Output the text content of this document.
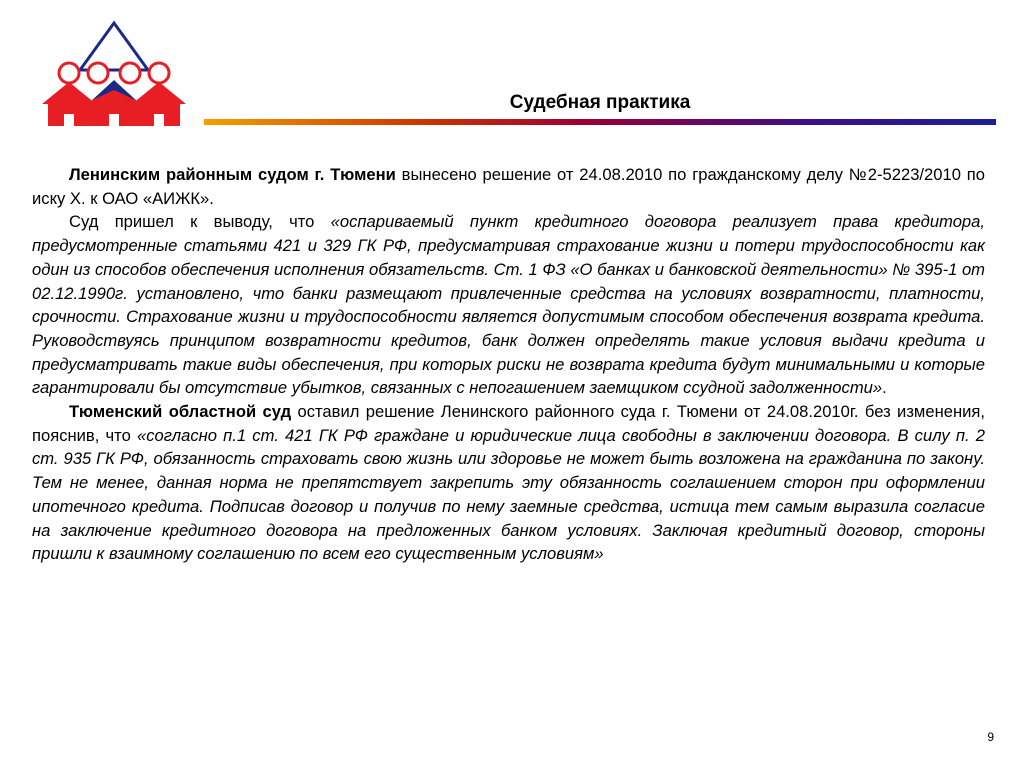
Судебная практика

Ленинским районным судом г. Тюмени вынесено решение от 24.08.2010 по гражданскому делу №2-5223/2010 по иску Х. к ОАО «АИЖК».

Суд пришел к выводу, что «оспариваемый пункт кредитного договора реализует права кредитора, предусмотренные статьями 421 и 329 ГК РФ, предусматривая страхование жизни и потери трудоспособности как один из способов обеспечения исполнения обязательств. Ст. 1 ФЗ «О банках и банковской деятельности» № 395-1 от 02.12.1990г. установлено, что банки размещают привлеченные средства на условиях возвратности, платности, срочности. Страхование жизни и трудоспособности является допустимым способом обеспечения возврата кредита. Руководствуясь принципом возвратности кредитов, банк должен определять такие условия выдачи кредита и предусматривать такие виды обеспечения, при которых риски не возврата кредита будут минимальными и которые гарантировали бы отсутствие убытков, связанных с непогашением заемщиком ссудной задолженности».

Тюменский областной суд оставил решение Ленинского районного суда г. Тюмени от 24.08.2010г. без изменения, пояснив, что «согласно п.1 ст. 421 ГК РФ граждане и юридические лица свободны в заключении договора. В силу п. 2 ст. 935 ГК РФ, обязанность страховать свою жизнь или здоровье не может быть возложена на гражданина по закону. Тем не менее, данная норма не препятствует закрепить эту обязанность соглашением сторон при оформлении ипотечного кредита. Подписав договор и получив по нему заемные средства, истица тем самым выразила согласие на заключение кредитного договора на предложенных банком условиях. Заключая кредитный договор, стороны пришли к взаимному соглашению по всем его существенным условиям»

9
